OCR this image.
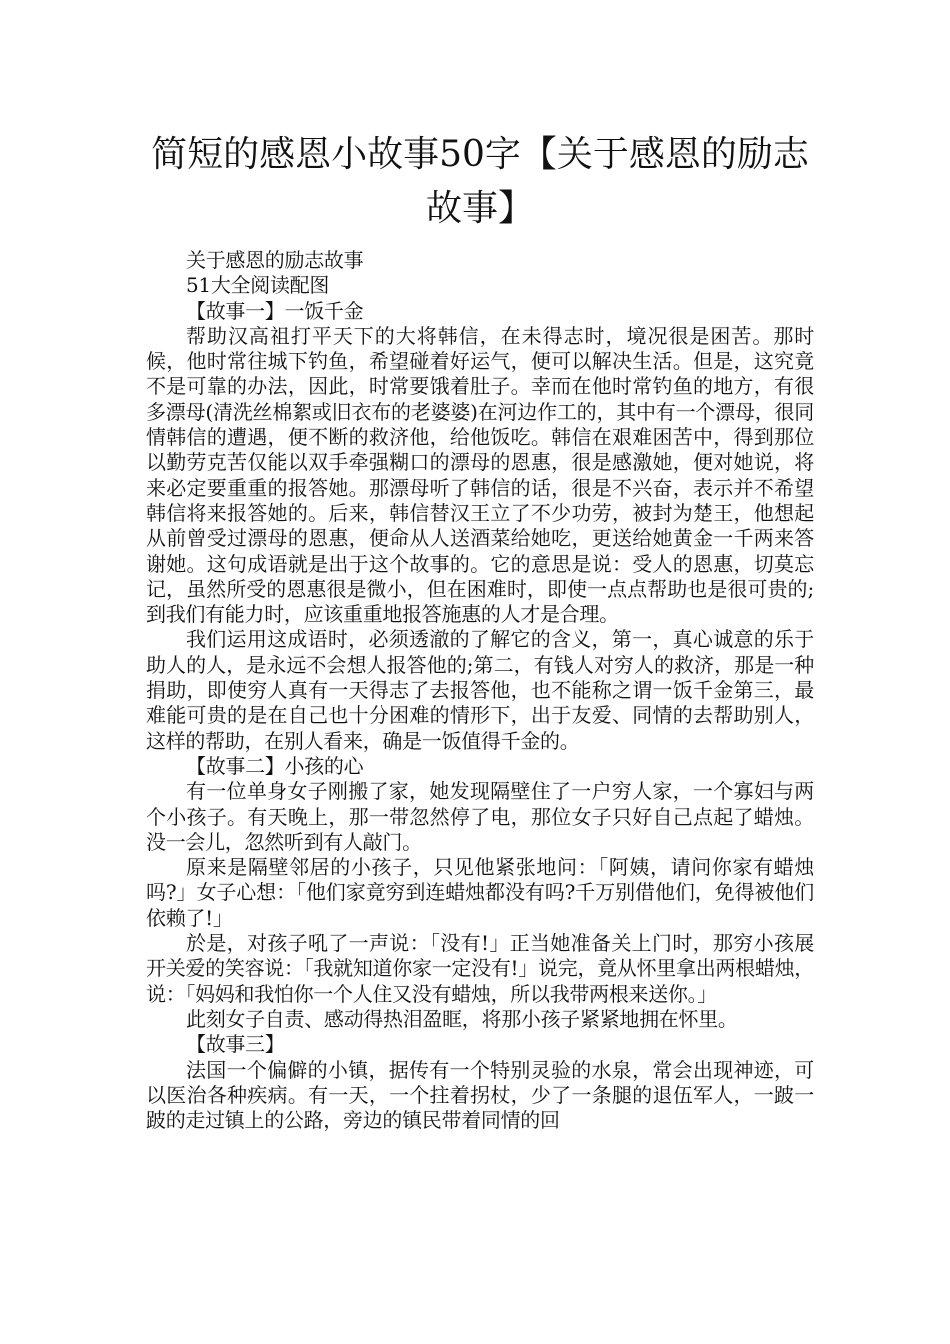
简短的感恩小故事50字【关于感恩的励志故事】

关于感恩的励志故事

51大全阅读配图

【故事一】一饭千金

帮助汉高祖打平天下的大将韩信，在未得志时，境况很是困苦。那时候，他时常往城下钓鱼，希望碰着好运气，便可以解决生活。但是，这究竟不是可靠的办法，因此，时常要饿着肚子。幸而在他时常钓鱼的地方，有很多漂母(清洗丝棉絮或旧衣布的老婆婆)在河边作工的，其中有一个漂母，很同情韩信的遭遇，便不断的救济他，给他饭吃。韩信在艰难困苦中，得到那位以勤劳克苦仅能以双手牵强糊口的漂母的恩惠，很是感激她，便对她说，将来必定要重重的报答她。那漂母听了韩信的话，很是不兴奋，表示并不希望韩信将来报答她的。后来，韩信替汉王立了不少功劳，被封为楚王，他想起从前曾受过漂母的恩惠，便命从人送酒菜给她吃，更送给她黄金一千两来答谢她。这句成语就是出于这个故事的。它的意思是说：受人的恩惠，切莫忘记，虽然所受的恩惠很是微小，但在困难时，即使一点点帮助也是很可贵的;到我们有能力时，应该重重地报答施惠的人才是合理。

我们运用这成语时，必须透澈的了解它的含义，第一，真心诚意的乐于助人的人，是永远不会想人报答他的;第二，有钱人对穷人的救济，那是一种捐助，即使穷人真有一天得志了去报答他，也不能称之谓一饭千金第三，最难能可贵的是在自己也十分困难的情形下，出于友爱、同情的去帮助别人，这样的帮助，在别人看来，确是一饭值得千金的。

【故事二】小孩的心

有一位单身女子刚搬了家，她发现隔壁住了一户穷人家，一个寡妇与两个小孩子。有天晚上，那一带忽然停了电，那位女子只好自己点起了蜡烛。没一会儿，忽然听到有人敲门。

原来是隔壁邻居的小孩子，只见他紧张地问：「阿姨，请问你家有蜡烛吗?」女子心想：「他们家竟穷到连蜡烛都没有吗?千万别借他们，免得被他们依赖了!」

於是，对孩子吼了一声说：「没有!」正当她准备关上门时，那穷小孩展开关爱的笑容说：「我就知道你家一定没有!」说完，竟从怀里拿出两根蜡烛，说：「妈妈和我怕你一个人住又没有蜡烛，所以我带两根来送你。」

此刻女子自责、感动得热泪盈眶，将那小孩子紧紧地拥在怀里。

【故事三】

法国一个偏僻的小镇，据传有一个特别灵验的水泉，常会出现神迹，可以医治各种疾病。有一天，一个拄着拐杖，少了一条腿的退伍军人，一跛一跛的走过镇上的公路，旁边的镇民带着同情的回
